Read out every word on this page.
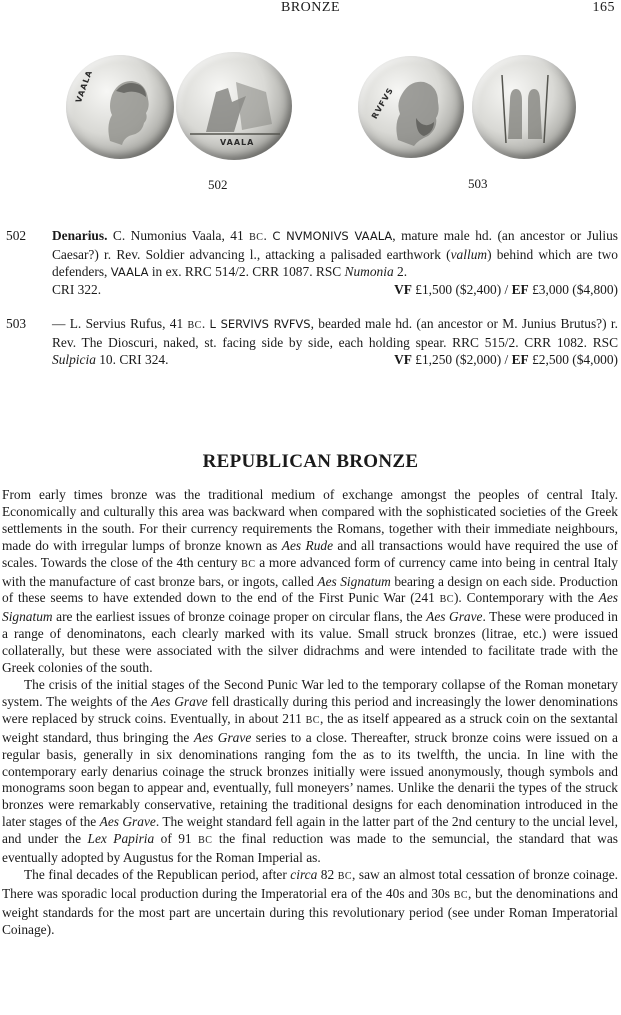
BRONZE	165
VAALA
VAALA
RVFVS
502	503
502 Denarius. C. Numonius Vaala, 41 BC. C NVMONIVS VAALA, mature male hd. (an ancestor or Julius Caesar?) r. Rev. Soldier advancing l., attacking a palisaded earthwork (vallum) behind which are two defenders, VAALA in ex. RRC 514/2. CRR 1087. RSC Numonia 2.

CRI 322.	VF £1,500 ($2,400) / EF £3,000 ($4,800)
503 — L. Servius Rufus, 41 BC. L SERVIVS RVFVS, bearded male hd. (an ancestor or M. Junius Brutus?) r. Rev. The Dioscuri, naked, st. facing side by side, each holding spear. RRC 515/2. CRR 1082. RSC Sulpicia 10. CRI 324.	VF £1,250 ($2,000) / EF £2,500 ($4,000)

REPUBLICAN BRONZE

From early times bronze was the traditional medium of exchange amongst the peoples of central Italy. Economically and culturally this area was backward when compared with the sophisticated societies of the Greek settlements in the south. For their currency requirements the Romans, together with their immediate neighbours, made do with irregular lumps of bronze known as Aes Rude and all transactions would have required the use of scales. Towards the close of the 4th century BC a more advanced form of currency came into being in central Italy with the manufacture of cast bronze bars, or ingots, called Aes Signatum bearing a design on each side. Production of these seems to have extended down to the end of the First Punic War (241 BC). Contemporary with the Aes Signatum are the earliest issues of bronze coinage proper on circular flans, the Aes Grave. These were produced in a range of denominatons, each clearly marked with its value. Small struck bronzes (litrae, etc.) were issued collaterally, but these were associated with the silver didrachms and were intended to facilitate trade with the Greek colonies of the south.

The crisis of the initial stages of the Second Punic War led to the temporary collapse of the Roman monetary system. The weights of the Aes Grave fell drastically during this period and increasingly the lower denominations were replaced by struck coins. Eventually, in about 211 BC, the as itself appeared as a struck coin on the sextantal weight standard, thus bringing the Aes Grave series to a close. Thereafter, struck bronze coins were issued on a regular basis, generally in six denominations ranging fom the as to its twelfth, the uncia. In line with the contemporary early denarius coinage the struck bronzes initially were issued anonymously, though symbols and monograms soon began to appear and, eventually, full moneyers’ names. Unlike the denarii the types of the struck bronzes were remarkably conservative, retaining the traditional designs for each denomination introduced in the later stages of the Aes Grave. The weight standard fell again in the latter part of the 2nd century to the uncial level, and under the Lex Papiria of 91 BC the final reduction was made to the semuncial, the standard that was eventually adopted by Augustus for the Roman Imperial as.

The final decades of the Republican period, after circa 82 BC, saw an almost total cessation of bronze coinage. There was sporadic local production during the Imperatorial era of the 40s and 30s BC, but the denominations and weight standards for the most part are uncertain during this revolutionary period (see under Roman Imperatorial Coinage).
